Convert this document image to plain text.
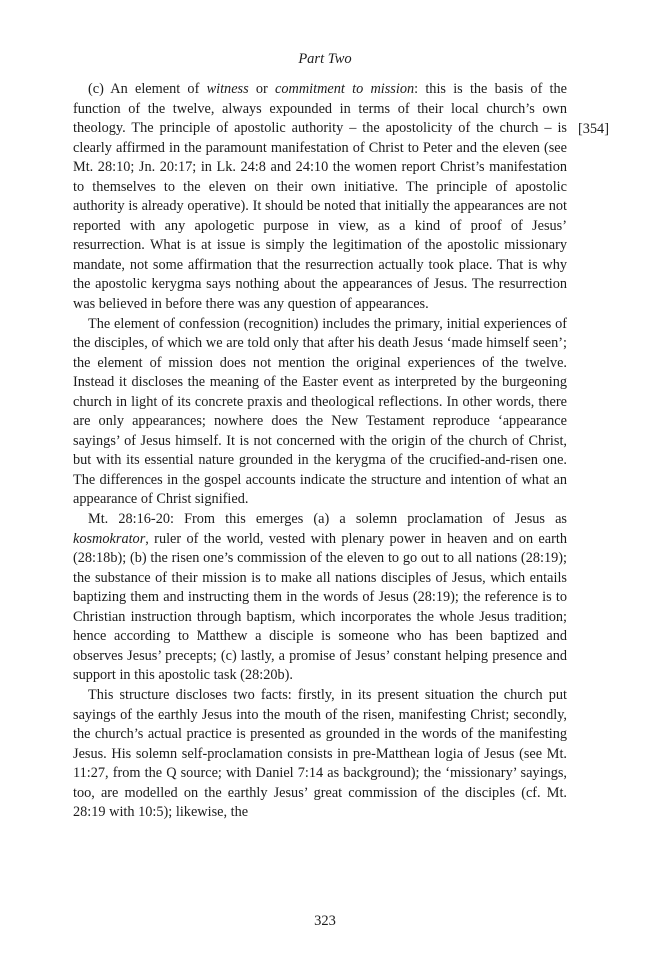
Part Two
[354]

(c) An element of witness or commitment to mission: this is the basis of the function of the twelve, always expounded in terms of their local church’s own theology. The principle of apostolic authority – the apostolicity of the church – is clearly affirmed in the paramount manifestation of Christ to Peter and the eleven (see Mt. 28:10; Jn. 20:17; in Lk. 24:8 and 24:10 the women report Christ’s manifestation to themselves to the eleven on their own initiative. The principle of apostolic authority is already operative). It should be noted that initially the appearances are not reported with any apologetic purpose in view, as a kind of proof of Jesus’ resurrection. What is at issue is simply the legitimation of the apostolic missionary mandate, not some affirmation that the resurrection actually took place. That is why the apostolic kerygma says nothing about the appearances of Jesus. The resurrection was believed in before there was any question of appearances.

The element of confession (recognition) includes the primary, initial experiences of the disciples, of which we are told only that after his death Jesus ‘made himself seen’; the element of mission does not mention the original experiences of the twelve. Instead it discloses the meaning of the Easter event as interpreted by the burgeoning church in light of its concrete praxis and theological reflections. In other words, there are only appearances; nowhere does the New Testament reproduce ‘appearance sayings’ of Jesus himself. It is not concerned with the origin of the church of Christ, but with its essential nature grounded in the kerygma of the crucified-and-risen one. The differences in the gospel accounts indicate the structure and intention of what an appearance of Christ signified.

Mt. 28:16-20: From this emerges (a) a solemn proclamation of Jesus as kosmokrator, ruler of the world, vested with plenary power in heaven and on earth (28:18b); (b) the risen one’s commission of the eleven to go out to all nations (28:19); the substance of their mission is to make all nations disciples of Jesus, which entails baptizing them and instructing them in the words of Jesus (28:19); the reference is to Christian instruction through baptism, which incorporates the whole Jesus tradition; hence according to Matthew a disciple is someone who has been baptized and observes Jesus’ precepts; (c) lastly, a promise of Jesus’ constant helping presence and support in this apostolic task (28:20b).

This structure discloses two facts: firstly, in its present situation the church put sayings of the earthly Jesus into the mouth of the risen, manifesting Christ; secondly, the church’s actual practice is presented as grounded in the words of the manifesting Jesus. His solemn self-proclamation consists in pre-Matthean logia of Jesus (see Mt. 11:27, from the Q source; with Daniel 7:14 as background); the ‘missionary’ sayings, too, are modelled on the earthly Jesus’ great commission of the disciples (cf. Mt. 28:19 with 10:5); likewise, the

323
